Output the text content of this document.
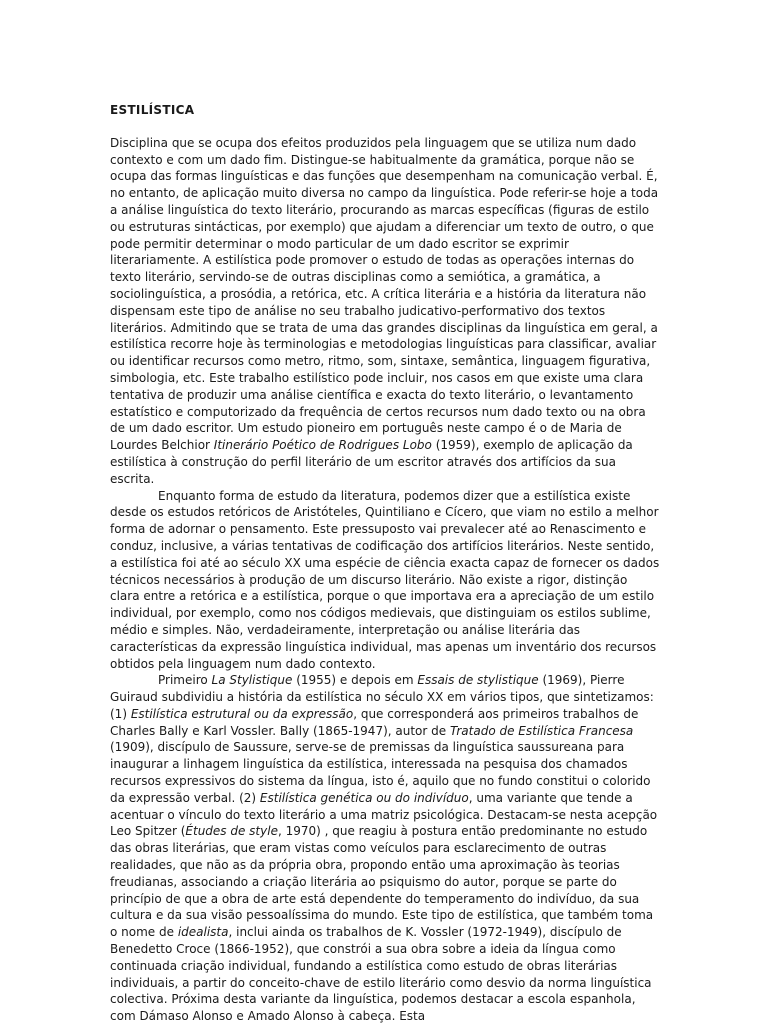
ESTILÍSTICA

Disciplina que se ocupa dos efeitos produzidos pela linguagem que se utiliza num dado contexto e com um dado fim. Distingue-se habitualmente da gramática, porque não se ocupa das formas linguísticas e das funções que desempenham na comunicação verbal. É, no entanto, de aplicação muito diversa no campo da linguística. Pode referir-se hoje a toda a análise linguística do texto literário, procurando as marcas específicas (figuras de estilo ou estruturas sintácticas, por exemplo) que ajudam a diferenciar um texto de outro, o que pode permitir determinar o modo particular de um dado escritor se exprimir literariamente. A estilística pode promover o estudo de todas as operações internas do texto literário, servindo-se de outras disciplinas como a semiótica, a gramática, a sociolinguística, a prosódia, a retórica, etc. A crítica literária e a história da literatura não dispensam este tipo de análise no seu trabalho judicativo-performativo dos textos literários. Admitindo que se trata de uma das grandes disciplinas da linguística em geral, a estilística recorre hoje às terminologias e metodologias linguísticas para classificar, avaliar ou identificar recursos como metro, ritmo, som, sintaxe, semântica, linguagem figurativa, simbologia, etc. Este trabalho estilístico pode incluir, nos casos em que existe uma clara tentativa de produzir uma análise científica e exacta do texto literário, o levantamento estatístico e computorizado da frequência de certos recursos num dado texto ou na obra de um dado escritor. Um estudo pioneiro em português neste campo é o de Maria de Lourdes Belchior Itinerário Poético de Rodrigues Lobo (1959), exemplo de aplicação da estilística à construção do perfil literário de um escritor através dos artifícios da sua escrita.

Enquanto forma de estudo da literatura, podemos dizer que a estilística existe desde os estudos retóricos de Aristóteles, Quintiliano e Cícero, que viam no estilo a melhor forma de adornar o pensamento. Este pressuposto vai prevalecer até ao Renascimento e conduz, inclusive, a várias tentativas de codificação dos artifícios literários. Neste sentido, a estilística foi até ao século XX uma espécie de ciência exacta capaz de fornecer os dados técnicos necessários à produção de um discurso literário. Não existe a rigor, distinção clara entre a retórica e a estilística, porque o que importava era a apreciação de um estilo individual, por exemplo, como nos códigos medievais, que distinguiam os estilos sublime, médio e simples. Não, verdadeiramente, interpretação ou análise literária das características da expressão linguística individual, mas apenas um inventário dos recursos obtidos pela linguagem num dado contexto.

Primeiro La Stylistique (1955) e depois em Essais de stylistique (1969), Pierre Guiraud subdividiu a história da estilística no século XX em vários tipos, que sintetizamos: (1) Estilística estrutural ou da expressão, que corresponderá aos primeiros trabalhos de Charles Bally e Karl Vossler. Bally (1865-1947), autor de Tratado de Estilística Francesa (1909), discípulo de Saussure, serve-se de premissas da linguística saussureana para inaugurar a linhagem linguística da estilística, interessada na pesquisa dos chamados recursos expressivos do sistema da língua, isto é, aquilo que no fundo constitui o colorido da expressão verbal. (2) Estilística genética ou do indivíduo, uma variante que tende a acentuar o vínculo do texto literário a uma matriz psicológica. Destacam-se nesta acepção Leo Spitzer (Études de style, 1970) , que reagiu à postura então predominante no estudo das obras literárias, que eram vistas como veículos para esclarecimento de outras realidades, que não as da própria obra, propondo então uma aproximação às teorias freudianas, associando a criação literária ao psiquismo do autor, porque se parte do princípio de que a obra de arte está dependente do temperamento do indivíduo, da sua cultura e da sua visão pessoalíssima do mundo. Este tipo de estilística, que também toma o nome de idealista, inclui ainda os trabalhos de K. Vossler (1972-1949), discípulo de Benedetto Croce (1866-1952), que constrói a sua obra sobre a ideia da língua como continuada criação individual, fundando a estilística como estudo de obras literárias individuais, a partir do conceito-chave de estilo literário como desvio da norma linguística colectiva. Próxima desta variante da linguística, podemos destacar a escola espanhola, com Dámaso Alonso e Amado Alonso à cabeça. Esta
